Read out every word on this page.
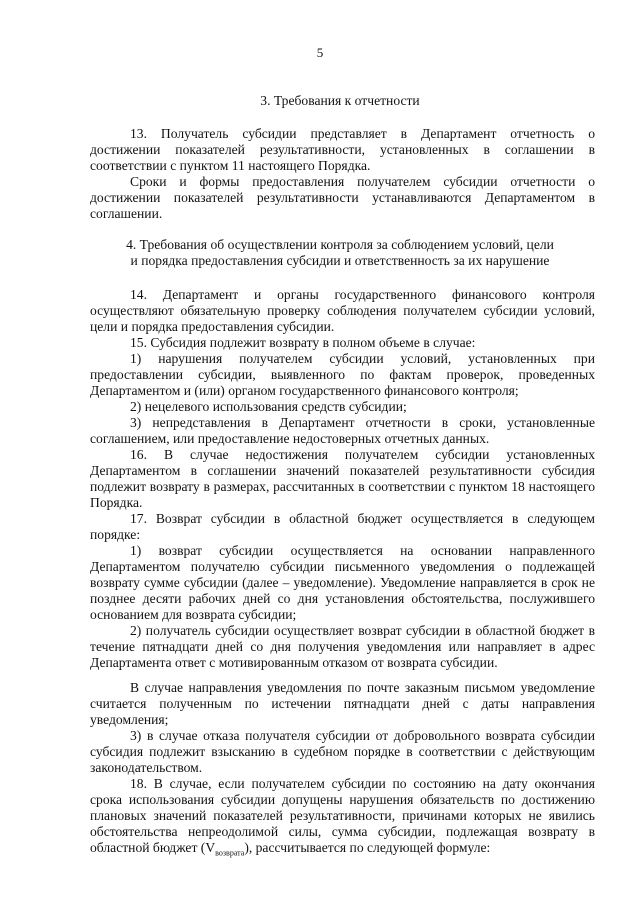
5
3. Требования к отчетности

13. Получатель субсидии представляет в Департамент отчетность о достижении показателей результативности, установленных в соглашении в соответствии с пунктом 11 настоящего Порядка.

Сроки и формы предоставления получателем субсидии отчетности о достижении показателей результативности устанавливаются Департаментом в соглашении.

4. Требования об осуществлении контроля за соблюдением условий, цели
и порядка предоставления субсидии и ответственность за их нарушение

14. Департамент и органы государственного финансового контроля осуществляют обязательную проверку соблюдения получателем субсидии условий, цели и порядка предоставления субсидии.

15. Субсидия подлежит возврату в полном объеме в случае:

1) нарушения получателем субсидии условий, установленных при предоставлении субсидии, выявленного по фактам проверок, проведенных Департаментом и (или) органом государственного финансового контроля;

2) нецелевого использования средств субсидии;

3) непредставления в Департамент отчетности в сроки, установленные соглашением, или предоставление недостоверных отчетных данных.

16. В случае недостижения получателем субсидии установленных Департаментом в соглашении значений показателей результативности субсидия подлежит возврату в размерах, рассчитанных в соответствии с пунктом 18 настоящего Порядка.

17. Возврат субсидии в областной бюджет осуществляется в следующем порядке:

1) возврат субсидии осуществляется на основании направленного Департаментом получателю субсидии письменного уведомления о подлежащей возврату сумме субсидии (далее – уведомление). Уведомление направляется в срок не позднее десяти рабочих дней со дня установления обстоятельства, послужившего основанием для возврата субсидии;

2) получатель субсидии осуществляет возврат субсидии в областной бюджет в течение пятнадцати дней со дня получения уведомления или направляет в адрес Департамента ответ с мотивированным отказом от возврата субсидии.

В случае направления уведомления по почте заказным письмом уведомление считается полученным по истечении пятнадцати дней с даты направления уведомления;

3) в случае отказа получателя субсидии от добровольного возврата субсидии субсидия подлежит взысканию в судебном порядке в соответствии с действующим законодательством.

18. В случае, если получателем субсидии по состоянию на дату окончания срока использования субсидии допущены нарушения обязательств по достижению плановых значений показателей результативности, причинами которых не явились обстоятельства непреодолимой силы, сумма субсидии, подлежащая возврату в областной бюджет $(V_{возврата})$, рассчитывается по следующей формуле:
